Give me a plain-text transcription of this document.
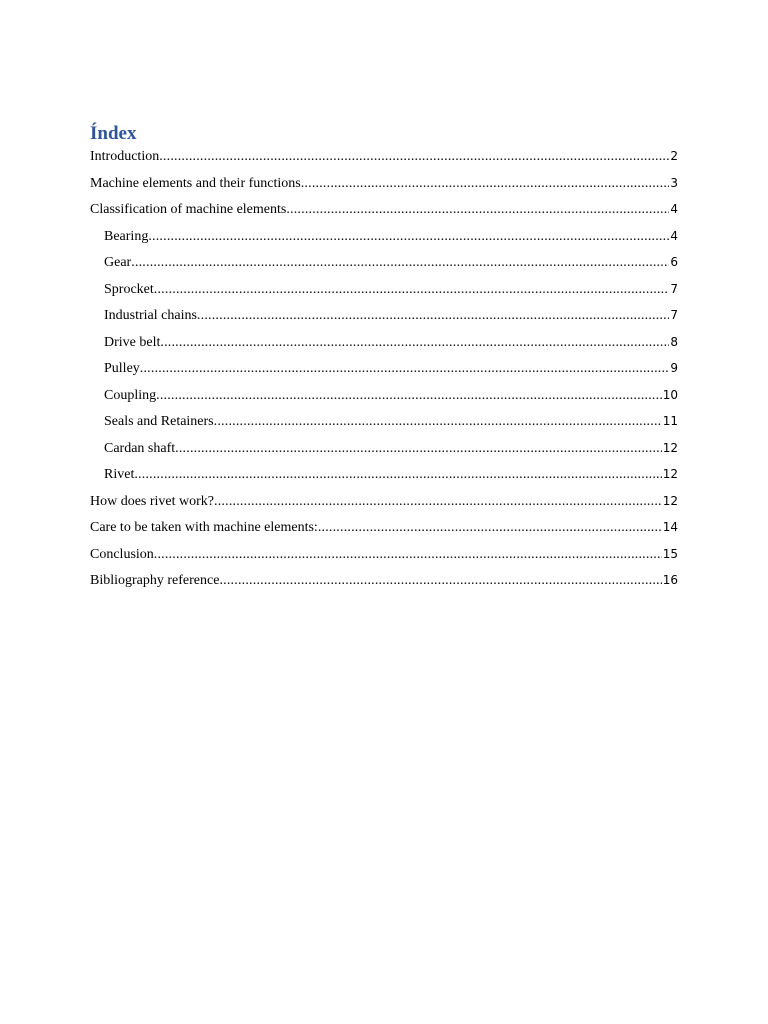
Índex
Introduction .....	2
Machine elements and their functions .....	3
Classification of machine elements .....	4
Bearing .....	4
Gear .....	6
Sprocket .....	7
Industrial chains .....	7
Drive belt .....	8
Pulley .....	9
Coupling .....	10
Seals and Retainers .....	11
Cardan shaft .....	12
Rivet .....	12
How does rivet work? .....	12
Care to be taken with machine elements: .....	14
Conclusion .....	15
Bibliography reference .....	16
